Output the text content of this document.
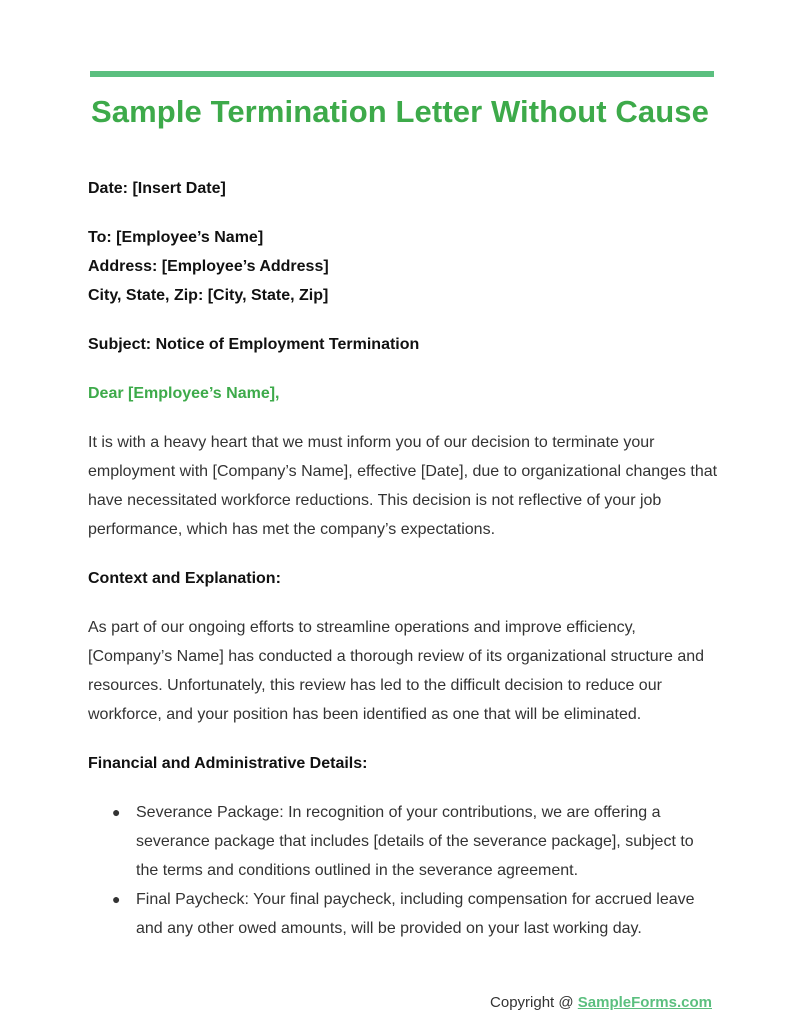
Sample Termination Letter Without Cause

Date: [Insert Date]

To: [Employee’s Name]
Address: [Employee’s Address]
City, State, Zip: [City, State, Zip]

Subject: Notice of Employment Termination

Dear [Employee’s Name],

It is with a heavy heart that we must inform you of our decision to terminate your employment with [Company’s Name], effective [Date], due to organizational changes that have necessitated workforce reductions. This decision is not reflective of your job performance, which has met the company’s expectations.

Context and Explanation:

As part of our ongoing efforts to streamline operations and improve efficiency, [Company’s Name] has conducted a thorough review of its organizational structure and resources. Unfortunately, this review has led to the difficult decision to reduce our workforce, and your position has been identified as one that will be eliminated.

Financial and Administrative Details:

● Severance Package: In recognition of your contributions, we are offering a severance package that includes [details of the severance package], subject to the terms and conditions outlined in the severance agreement.
● Final Paycheck: Your final paycheck, including compensation for accrued leave and any other owed amounts, will be provided on your last working day.
Copyright @ SampleForms.com
